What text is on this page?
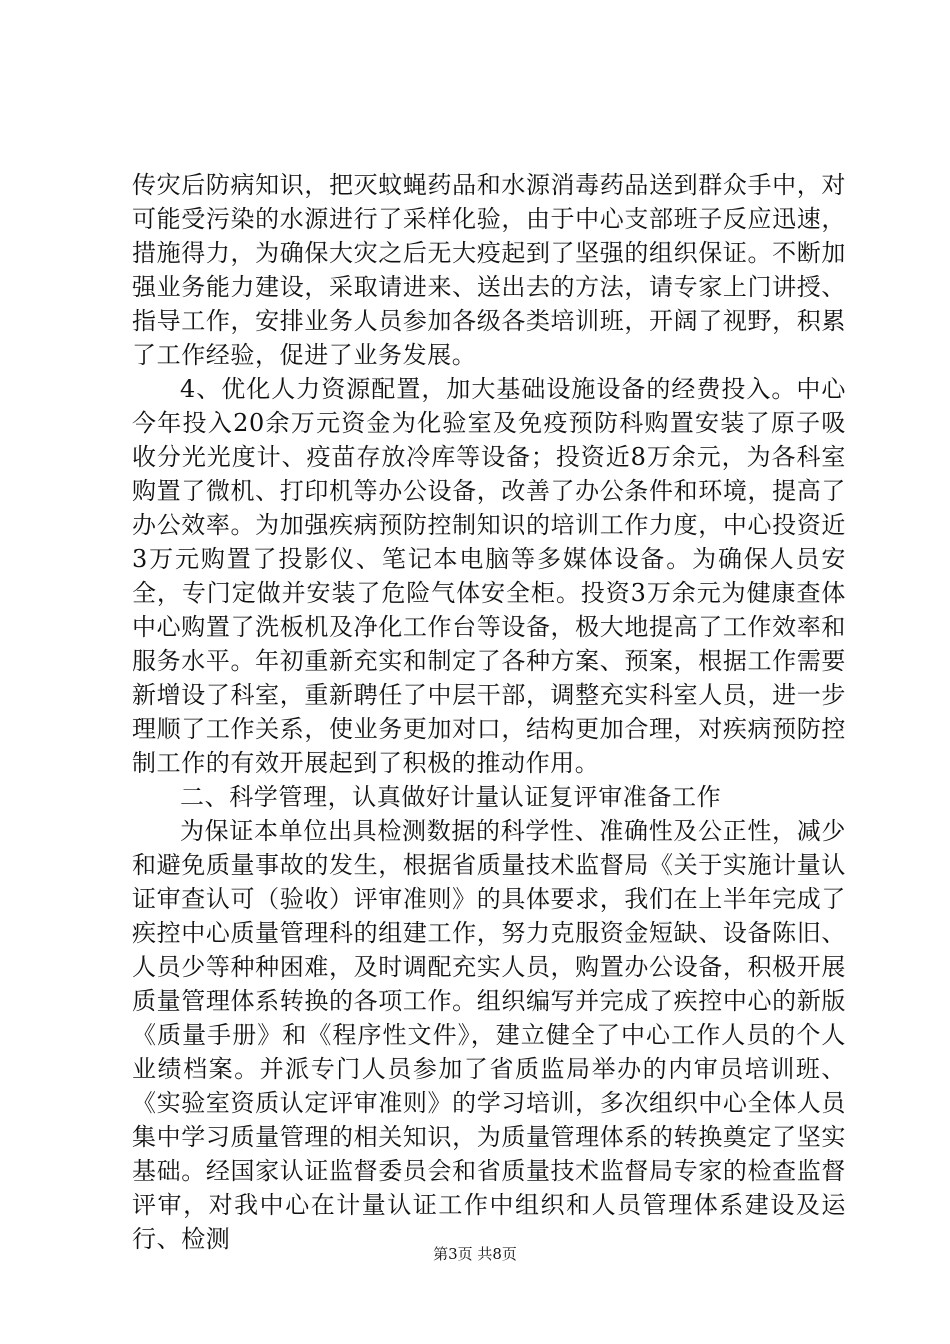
传灾后防病知识，把灭蚊蝇药品和水源消毒药品送到群众手中，对可能受污染的水源进行了采样化验，由于中心支部班子反应迅速，措施得力，为确保大灾之后无大疫起到了坚强的组织保证。不断加强业务能力建设，采取请进来、送出去的方法，请专家上门讲授、指导工作，安排业务人员参加各级各类培训班，开阔了视野，积累了工作经验，促进了业务发展。

4、优化人力资源配置，加大基础设施设备的经费投入。中心今年投入20余万元资金为化验室及免疫预防科购置安装了原子吸收分光光度计、疫苗存放冷库等设备；投资近8万余元，为各科室购置了微机、打印机等办公设备，改善了办公条件和环境，提高了办公效率。为加强疾病预防控制知识的培训工作力度，中心投资近3万元购置了投影仪、笔记本电脑等多媒体设备。为确保人员安全，专门定做并安装了危险气体安全柜。投资3万余元为健康查体中心购置了洗板机及净化工作台等设备，极大地提高了工作效率和服务水平。年初重新充实和制定了各种方案、预案，根据工作需要新增设了科室，重新聘任了中层干部，调整充实科室人员，进一步理顺了工作关系，使业务更加对口，结构更加合理，对疾病预防控制工作的有效开展起到了积极的推动作用。

二、科学管理，认真做好计量认证复评审准备工作

为保证本单位出具检测数据的科学性、准确性及公正性，减少和避免质量事故的发生，根据省质量技术监督局《关于实施计量认证审查认可（验收）评审准则》的具体要求，我们在上半年完成了疾控中心质量管理科的组建工作，努力克服资金短缺、设备陈旧、人员少等种种困难，及时调配充实人员，购置办公设备，积极开展质量管理体系转换的各项工作。组织编写并完成了疾控中心的新版《质量手册》和《程序性文件》，建立健全了中心工作人员的个人业绩档案。并派专门人员参加了省质监局举办的内审员培训班、《实验室资质认定评审准则》的学习培训，多次组织中心全体人员集中学习质量管理的相关知识，为质量管理体系的转换奠定了坚实基础。经国家认证监督委员会和省质量技术监督局专家的检查监督评审，对我中心在计量认证工作中组织和人员管理体系建设及运行、检测

第3页 共8页
